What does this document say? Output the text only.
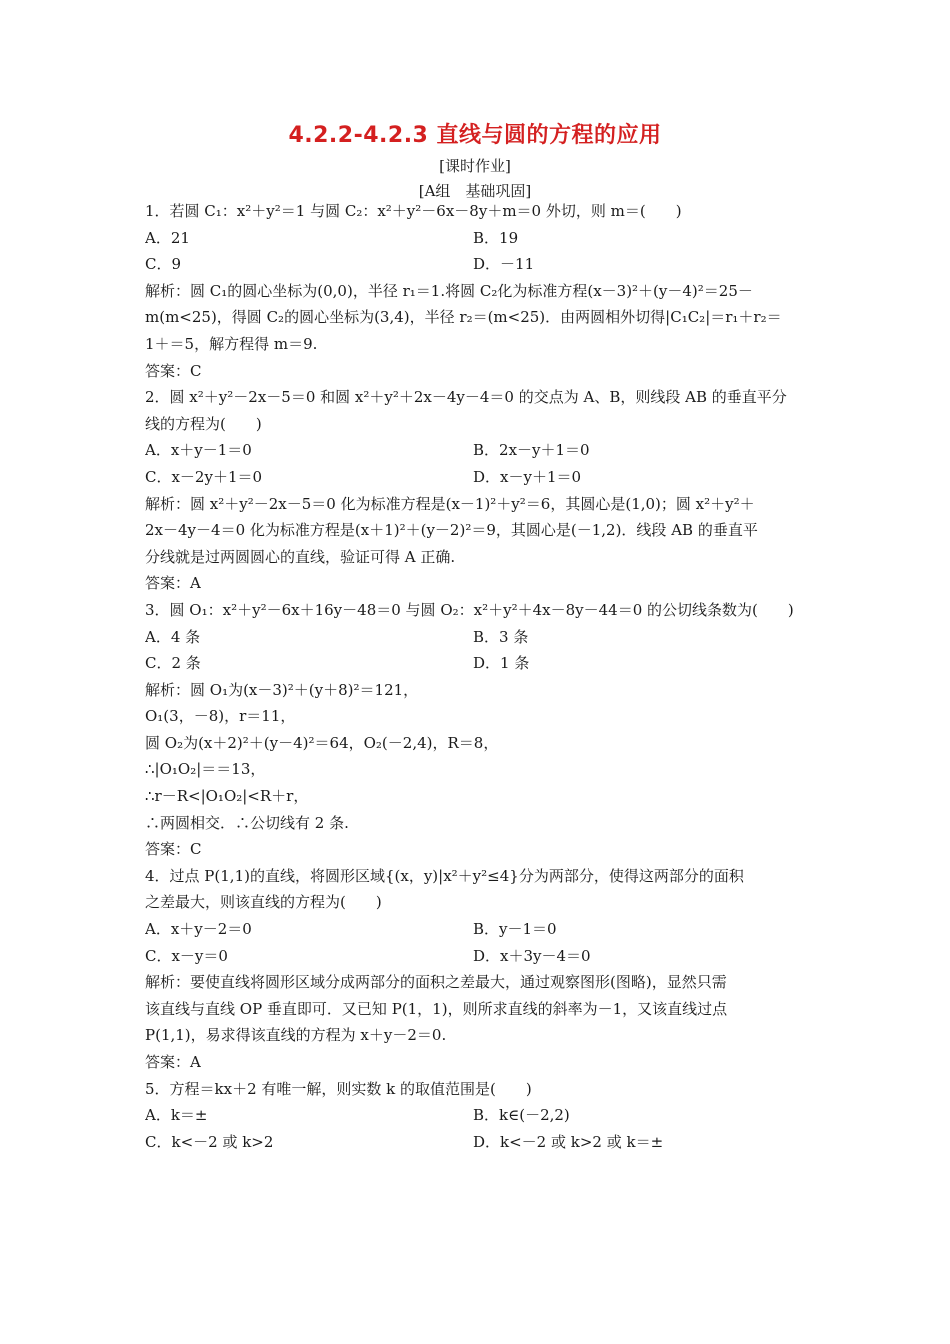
4.2.2-4.2.3 直线与圆的方程的应用
[课时作业]
[A组　基础巩固]
1．若圆 C₁：x²＋y²＝1 与圆 C₂：x²＋y²－6x－8y＋m＝0 外切，则 m＝(　　)
A．21	B．19
C．9	D．－11
解析：圆 C₁的圆心坐标为(0,0)，半径 r₁＝1.将圆 C₂化为标准方程(x－3)²＋(y－4)²＝25－
m(m<25)，得圆 C₂的圆心坐标为(3,4)，半径 r₂＝(m<25)．由两圆相外切得|C₁C₂|＝r₁＋r₂＝
1＋＝5，解方程得 m＝9.
答案：C
2．圆 x²＋y²－2x－5＝0 和圆 x²＋y²＋2x－4y－4＝0 的交点为 A、B，则线段 AB 的垂直平分
线的方程为(　　)
A．x＋y－1＝0	B．2x－y＋1＝0
C．x－2y＋1＝0	D．x－y＋1＝0
解析：圆 x²＋y²－2x－5＝0 化为标准方程是(x－1)²＋y²＝6，其圆心是(1,0)；圆 x²＋y²＋
2x－4y－4＝0 化为标准方程是(x＋1)²＋(y－2)²＝9，其圆心是(－1,2)．线段 AB 的垂直平
分线就是过两圆圆心的直线，验证可得 A 正确.
答案：A
3．圆 O₁：x²＋y²－6x＋16y－48＝0 与圆 O₂：x²＋y²＋4x－8y－44＝0 的公切线条数为(　　)
A．4 条	B．3 条
C．2 条	D．1 条
解析：圆 O₁为(x－3)²＋(y＋8)²＝121，
O₁(3，－8)，r＝11，
圆 O₂为(x＋2)²＋(y－4)²＝64，O₂(－2,4)，R＝8，
∴|O₁O₂|＝＝13，
∴r－R<|O₁O₂|<R＋r，
∴两圆相交．∴公切线有 2 条.
答案：C
4．过点 P(1,1)的直线，将圆形区域{(x，y)|x²＋y²≤4}分为两部分，使得这两部分的面积
之差最大，则该直线的方程为(　　)
A．x＋y－2＝0	B．y－1＝0
C．x－y＝0	D．x＋3y－4＝0
解析：要使直线将圆形区域分成两部分的面积之差最大，通过观察图形(图略)，显然只需
该直线与直线 OP 垂直即可．又已知 P(1，1)，则所求直线的斜率为－1，又该直线过点
P(1,1)，易求得该直线的方程为 x＋y－2＝0.
答案：A
5．方程＝kx＋2 有唯一解，则实数 k 的取值范围是(　　)
A．k＝±	B．k∈(－2,2)
C．k<－2 或 k>2	D．k<－2 或 k>2 或 k＝±
